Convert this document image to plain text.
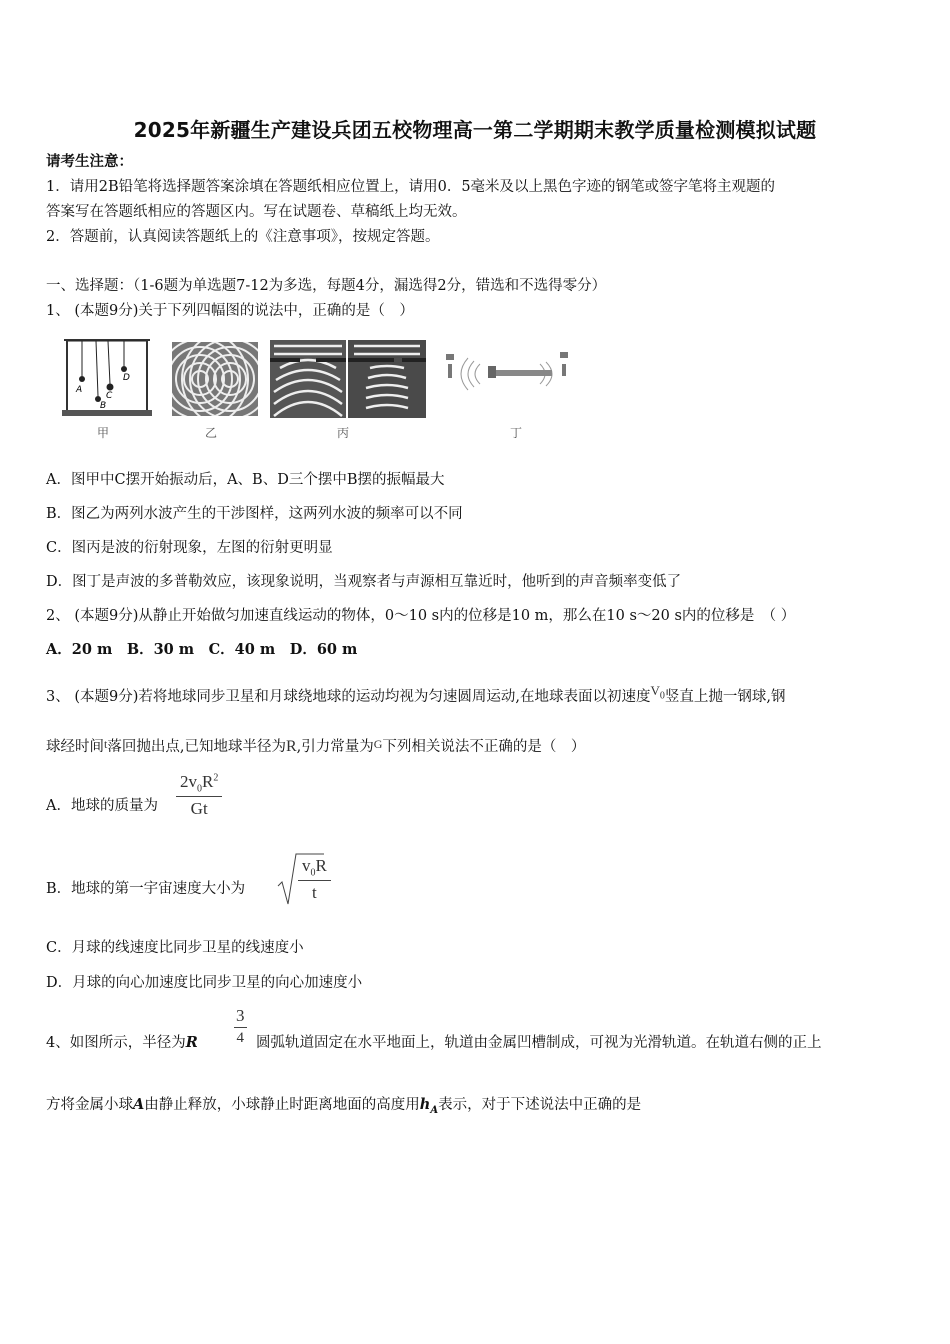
2025年新疆生产建设兵团五校物理高一第二学期期末教学质量检测模拟试题
请考生注意：
1．请用2B铅笔将选择题答案涂填在答题纸相应位置上，请用0．5毫米及以上黑色字迹的钢笔或签字笔将主观题的
答案写在答题纸相应的答题区内。写在试题卷、草稿纸上均无效。
2．答题前，认真阅读答题纸上的《注意事项》，按规定答题。
一、选择题：（1-6题为单选题7-12为多选，每题4分，漏选得2分，错选和不选得零分）
1、 (本题9分)关于下列四幅图的说法中，正确的是（　）
A
B
C
D
甲	乙	丙	丁
A．图甲中C摆开始振动后，A、B、D三个摆中B摆的振幅最大
B．图乙为两列水波产生的干涉图样，这两列水波的频率可以不同
C．图丙是波的衍射现象，左图的衍射更明显
D．图丁是声波的多普勒效应，该现象说明，当观察者与声源相互靠近时，他听到的声音频率变低了
2、 (本题9分)从静止开始做匀加速直线运动的物体，0～10 s内的位移是10 m，那么在10 s～20 s内的位移是　（ ）
A．20 m　B．30 m　C．40 m　D．60 m
3、 (本题9分)若将地球同步卫星和月球绕地球的运动均视为匀速圆周运动,在地球表面以初速度$V_0$竖直上抛一钢球,钢
球经时间$^t$落回抛出点,已知地球半径为R,引力常量为$^G$下列相关说法不正确的是（　）
A．地球的质量为 $\frac{2v_0R^2}{Gt}$
B．地球的第一宇宙速度大小为	$\frac{v_0R}{t}$
C．月球的线速度比同步卫星的线速度小
D．月球的向心加速度比同步卫星的向心加速度小
$\frac{3}{4}$
4、如图所示，半径为R	圆弧轨道固定在水平地面上，轨道由金属凹槽制成，可视为光滑轨道。在轨道右侧的正上
方将金属小球A由静止释放，小球静止时距离地面的高度用$h_A$表示，对于下述说法中正确的是
